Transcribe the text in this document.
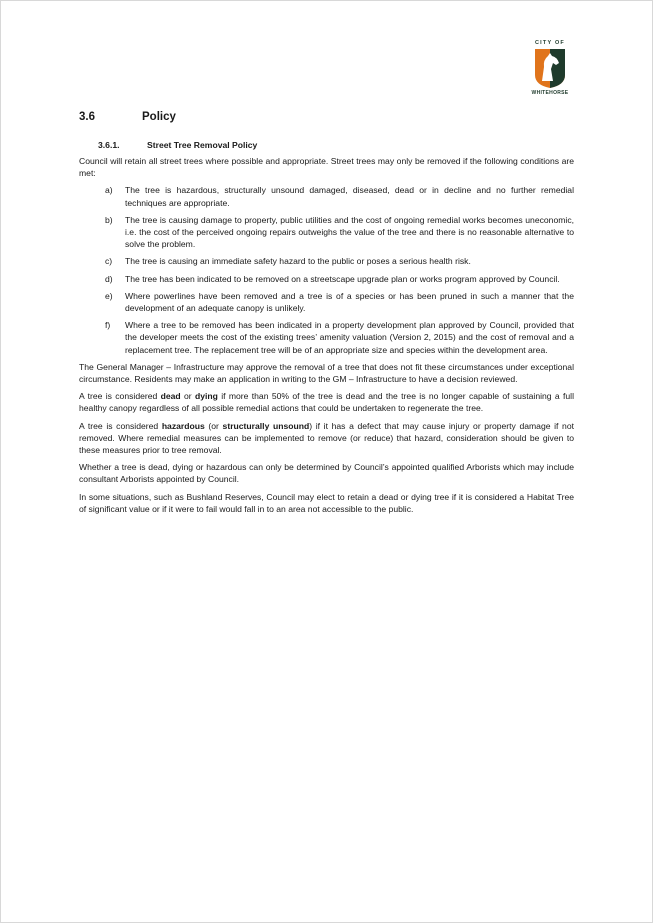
CITY OF
WHITEHORSE
3.6	Policy
3.6.1.	Street Tree Removal Policy

Council will retain all street trees where possible and appropriate. Street trees may only be removed if the following conditions are met:

a) The tree is hazardous, structurally unsound damaged, diseased, dead or in decline and no further remedial techniques are appropriate.
b) The tree is causing damage to property, public utilities and the cost of ongoing remedial works becomes uneconomic, i.e. the cost of the perceived ongoing repairs outweighs the value of the tree and there is no reasonable alternative to solve the problem.
c) The tree is causing an immediate safety hazard to the public or poses a serious health risk.
d) The tree has been indicated to be removed on a streetscape upgrade plan or works program approved by Council.
e) Where powerlines have been removed and a tree is of a species or has been pruned in such a manner that the development of an adequate canopy is unlikely.
f) Where a tree to be removed has been indicated in a property development plan approved by Council, provided that the developer meets the cost of the existing trees’ amenity valuation (Version 2, 2015) and the cost of removal and a replacement tree. The replacement tree will be of an appropriate size and species within the development area.

The General Manager – Infrastructure may approve the removal of a tree that does not fit these circumstances under exceptional circumstance. Residents may make an application in writing to the GM – Infrastructure to have a decision reviewed.

A tree is considered dead or dying if more than 50% of the tree is dead and the tree is no longer capable of sustaining a full healthy canopy regardless of all possible remedial actions that could be undertaken to regenerate the tree.

A tree is considered hazardous (or structurally unsound) if it has a defect that may cause injury or property damage if not removed. Where remedial measures can be implemented to remove (or reduce) that hazard, consideration should be given to these measures prior to tree removal.

Whether a tree is dead, dying or hazardous can only be determined by Council’s appointed qualified Arborists which may include consultant Arborists appointed by Council.

In some situations, such as Bushland Reserves, Council may elect to retain a dead or dying tree if it is considered a Habitat Tree of significant value or if it were to fail would fall in to an area not accessible to the public.
